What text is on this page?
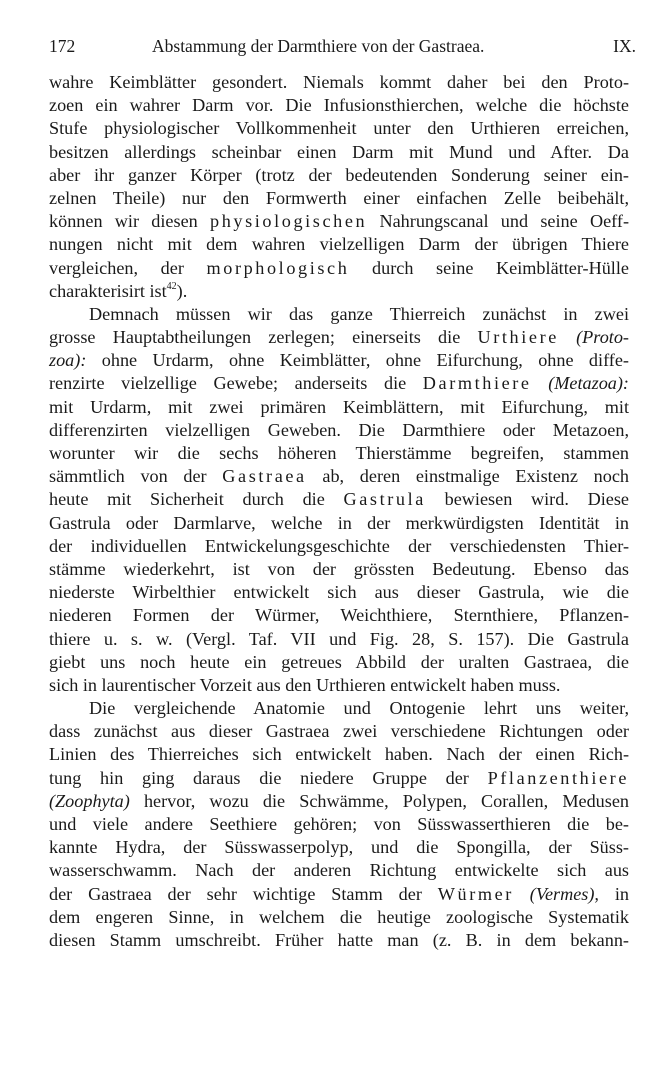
172	Abstammung der Darmthiere von der Gastraea.	IX.
wahre Keimblätter gesondert. Niemals kommt daher bei den Proto-
zoen ein wahrer Darm vor. Die Infusionsthierchen, welche die höchste
Stufe physiologischer Vollkommenheit unter den Urthieren erreichen,
besitzen allerdings scheinbar einen Darm mit Mund und After. Da
aber ihr ganzer Körper (trotz der bedeutenden Sonderung seiner ein-
zelnen Theile) nur den Formwerth einer einfachen Zelle beibehält,
können wir diesen physiologischen Nahrungscanal und seine Oeff-
nungen nicht mit dem wahren vielzelligen Darm der übrigen Thiere
vergleichen, der morphologisch durch seine Keimblätter-Hülle
charakterisirt ist$^{42}$).
Demnach müssen wir das ganze Thierreich zunächst in zwei
grosse Hauptabtheilungen zerlegen; einerseits die Urthiere (Proto-
zoa): ohne Urdarm, ohne Keimblätter, ohne Eifurchung, ohne diffe-
renzirte vielzellige Gewebe; anderseits die Darmthiere (Metazoa):
mit Urdarm, mit zwei primären Keimblättern, mit Eifurchung, mit
differenzirten vielzelligen Geweben. Die Darmthiere oder Metazoen,
worunter wir die sechs höheren Thierstämme begreifen, stammen
sämmtlich von der Gastraea ab, deren einstmalige Existenz noch
heute mit Sicherheit durch die Gastrula bewiesen wird. Diese
Gastrula oder Darmlarve, welche in der merkwürdigsten Identität in
der individuellen Entwickelungsgeschichte der verschiedensten Thier-
stämme wiederkehrt, ist von der grössten Bedeutung. Ebenso das
niederste Wirbelthier entwickelt sich aus dieser Gastrula, wie die
niederen Formen der Würmer, Weichthiere, Sternthiere, Pflanzen-
thiere u. s. w. (Vergl. Taf. VII und Fig. 28, S. 157). Die Gastrula
giebt uns noch heute ein getreues Abbild der uralten Gastraea, die
sich in laurentischer Vorzeit aus den Urthieren entwickelt haben muss.
Die vergleichende Anatomie und Ontogenie lehrt uns weiter,
dass zunächst aus dieser Gastraea zwei verschiedene Richtungen oder
Linien des Thierreiches sich entwickelt haben. Nach der einen Rich-
tung hin ging daraus die niedere Gruppe der Pflanzenthiere
(Zoophyta) hervor, wozu die Schwämme, Polypen, Corallen, Medusen
und viele andere Seethiere gehören; von Süsswasserthieren die be-
kannte Hydra, der Süsswasserpolyp, und die Spongilla, der Süss-
wasserschwamm. Nach der anderen Richtung entwickelte sich aus
der Gastraea der sehr wichtige Stamm der Würmer (Vermes), in
dem engeren Sinne, in welchem die heutige zoologische Systematik
diesen Stamm umschreibt. Früher hatte man (z. B. in dem bekann-
